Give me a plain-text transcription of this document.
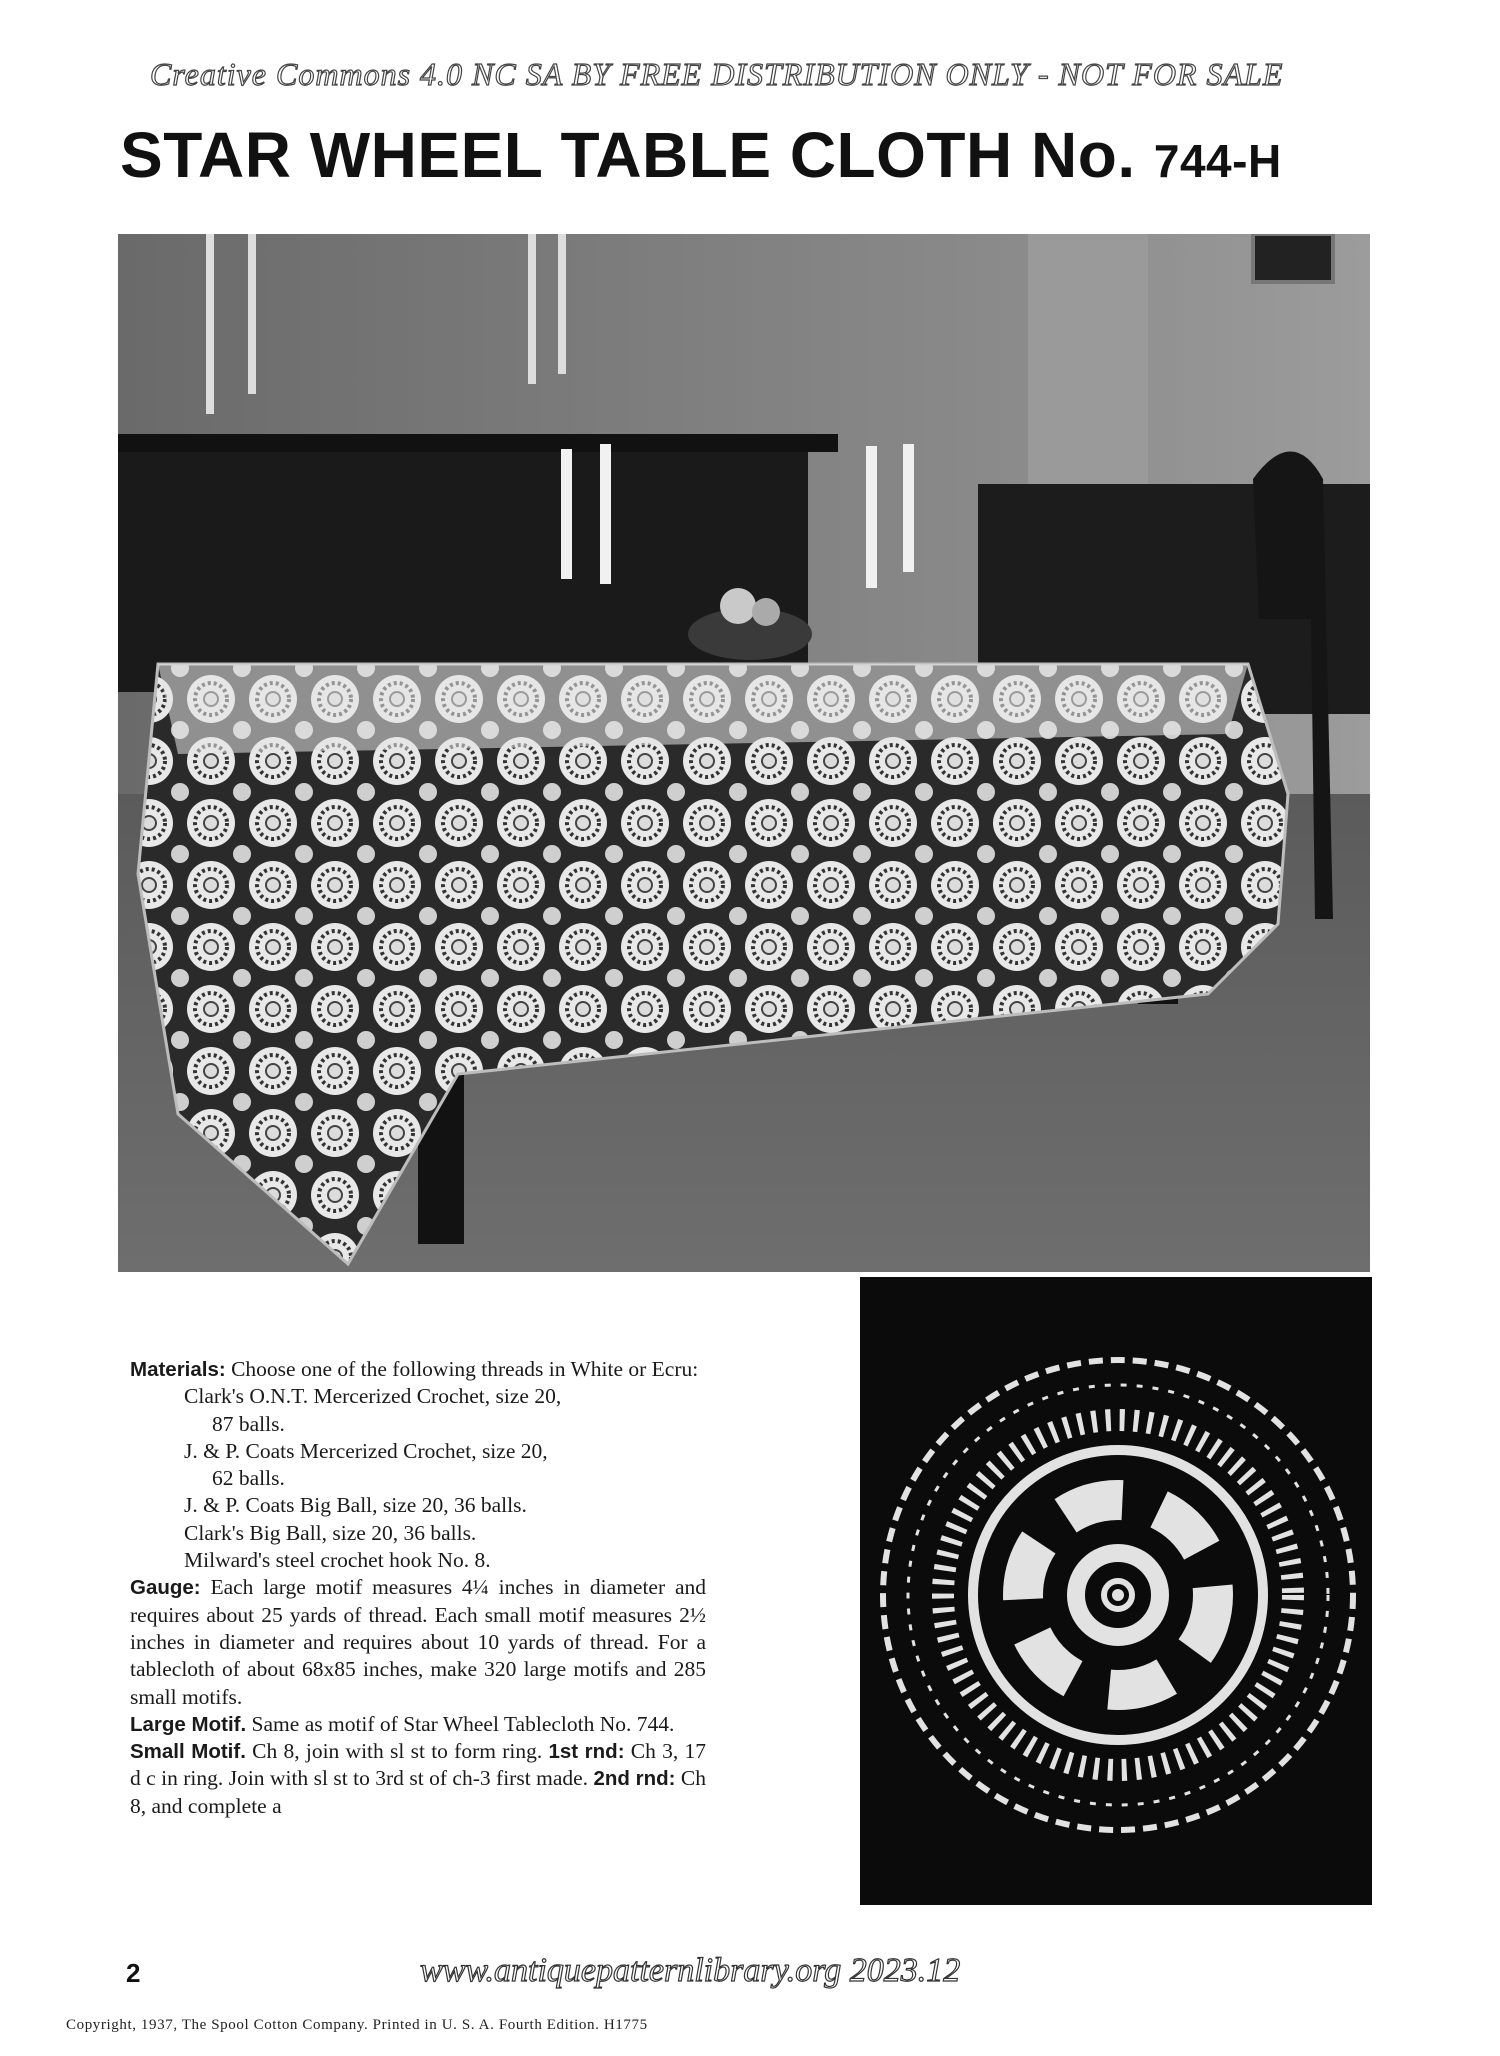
Creative Commons 4.0 NC SA BY FREE DISTRIBUTION ONLY - NOT FOR SALE
STAR WHEEL TABLE CLOTH No. 744-H

Materials: Choose one of the following threads in White or Ecru:

Clark's O.N.T. Mercerized Crochet, size 20,

87 balls.

J. & P. Coats Mercerized Crochet, size 20,

62 balls.

J. & P. Coats Big Ball, size 20, 36 balls.

Clark's Big Ball, size 20, 36 balls.

Milward's steel crochet hook No. 8.

Gauge: Each large motif measures 4¼ inches in diameter and requires about 25 yards of thread. Each small motif measures 2½ inches in diameter and requires about 10 yards of thread. For a tablecloth of about 68x85 inches, make 320 large motifs and 285 small motifs.

Large Motif. Same as motif of Star Wheel Tablecloth No. 744.

Small Motif. Ch 8, join with sl st to form ring. 1st rnd: Ch 3, 17 d c in ring. Join with sl st to 3rd st of ch-3 first made. 2nd rnd: Ch 8, and complete a

2	www.antiquepatternlibrary.org 2023.12
Copyright, 1937, The Spool Cotton Company. Printed in U. S. A. Fourth Edition. H1775
